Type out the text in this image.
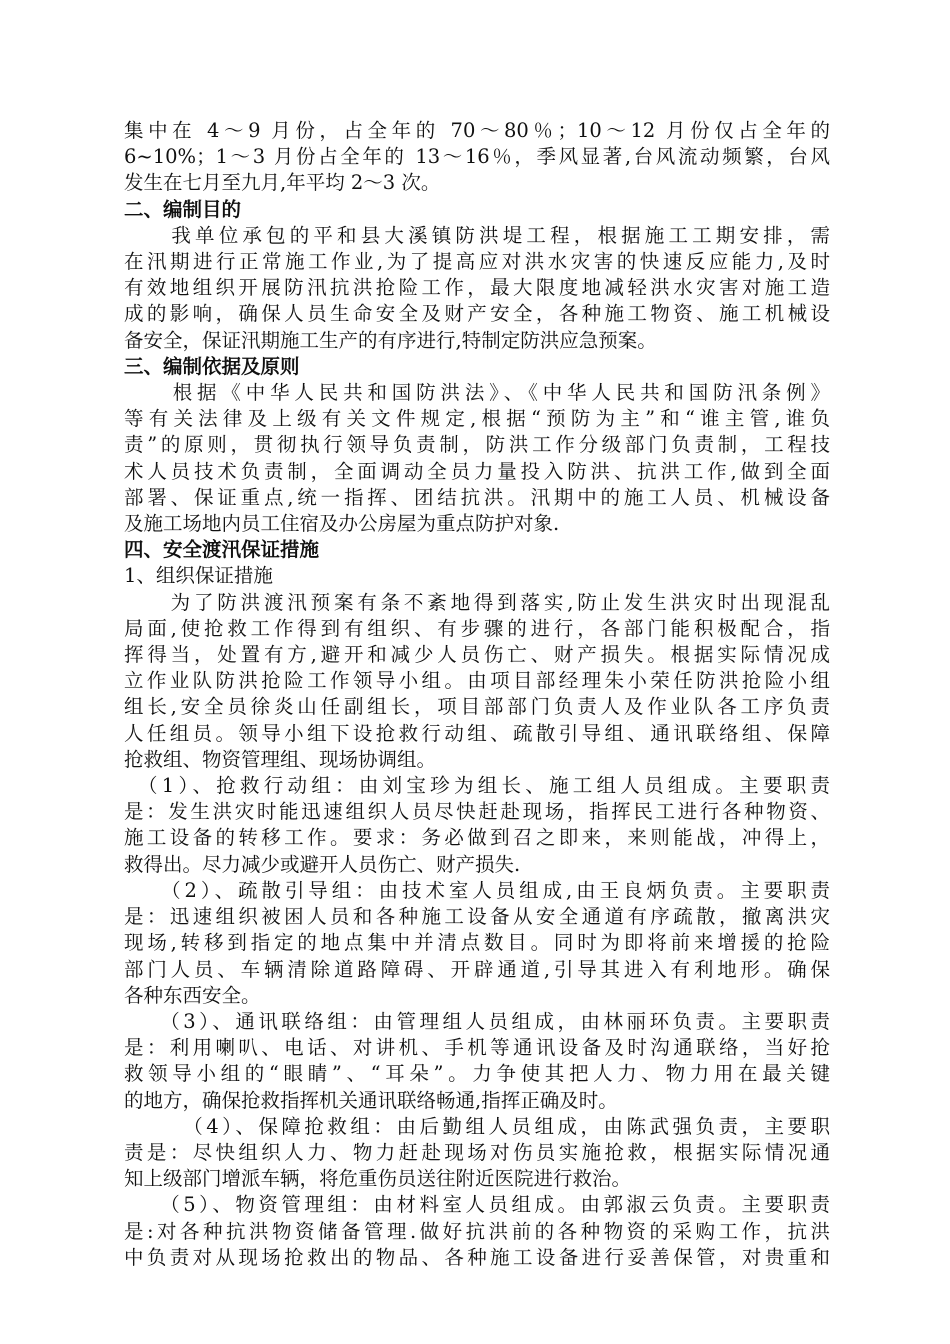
集中在 4～9 月份，占全年的 70～80％；10～12 月份仅占全年的
6~10%；1～3 月份占全年的 13～16％，季风显著,台风流动频繁，台风
发生在七月至九月,年平均 2～3 次。
二、编制目的
　　我单位承包的平和县大溪镇防洪堤工程，根据施工工期安排，需
在汛期进行正常施工作业,为了提高应对洪水灾害的快速反应能力,及时
有效地组织开展防汛抗洪抢险工作，最大限度地减轻洪水灾害对施工造
成的影响，确保人员生命安全及财产安全，各种施工物资、施工机械设
备安全，保证汛期施工生产的有序进行,特制定防洪应急预案。
三、编制依据及原则
　　根据《中华人民共和国防洪法》、《中华人民共和国防汛条例》
等有关法律及上级有关文件规定,根据“预防为主”和“谁主管,谁负
责”的原则，贯彻执行领导负责制，防洪工作分级部门负责制，工程技
术人员技术负责制，全面调动全员力量投入防洪、抗洪工作,做到全面
部署、保证重点,统一指挥、团结抗洪。汛期中的施工人员、机械设备
及施工场地内员工住宿及办公房屋为重点防护对象.
四、安全渡汛保证措施
1、组织保证措施
　　为了防洪渡汛预案有条不紊地得到落实,防止发生洪灾时出现混乱
局面,使抢救工作得到有组织、有步骤的进行，各部门能积极配合，指
挥得当，处置有方,避开和减少人员伤亡、财产损失。根据实际情况成
立作业队防洪抢险工作领导小组。由项目部经理朱小荣任防洪抢险小组
组长,安全员徐炎山任副组长，项目部部门负责人及作业队各工序负责
人任组员。领导小组下设抢救行动组、疏散引导组、通讯联络组、保障
抢救组、物资管理组、现场协调组。
　（1）、抢救行动组：由刘宝珍为组长、施工组人员组成。主要职责
是：发生洪灾时能迅速组织人员尽快赶赴现场，指挥民工进行各种物资、
施工设备的转移工作。要求：务必做到召之即来，来则能战，冲得上，
救得出。尽力减少或避开人员伤亡、财产损失.
　　（2）、疏散引导组：由技术室人员组成,由王良炳负责。主要职责
是：迅速组织被困人员和各种施工设备从安全通道有序疏散，撤离洪灾
现场,转移到指定的地点集中并清点数目。同时为即将前来增援的抢险
部门人员、车辆清除道路障碍、开辟通道,引导其进入有利地形。确保
各种东西安全。
　　（3）、通讯联络组：由管理组人员组成，由林丽环负责。主要职责
是：利用喇叭、电话、对讲机、手机等通讯设备及时沟通联络，当好抢
救领导小组的“眼睛”、“耳朵”。力争使其把人力、物力用在最关键
的地方，确保抢救指挥机关通讯联络畅通,指挥正确及时。
　　　（4）、保障抢救组：由后勤组人员组成，由陈武强负责，主要职
责是：尽快组织人力、物力赶赴现场对伤员实施抢救，根据实际情况通
知上级部门增派车辆，将危重伤员送往附近医院进行救治。
　　（5）、物资管理组：由材料室人员组成。由郭淑云负责。主要职责
是:对各种抗洪物资储备管理.做好抗洪前的各种物资的采购工作，抗洪
中负责对从现场抢救出的物品、各种施工设备进行妥善保管，对贵重和
